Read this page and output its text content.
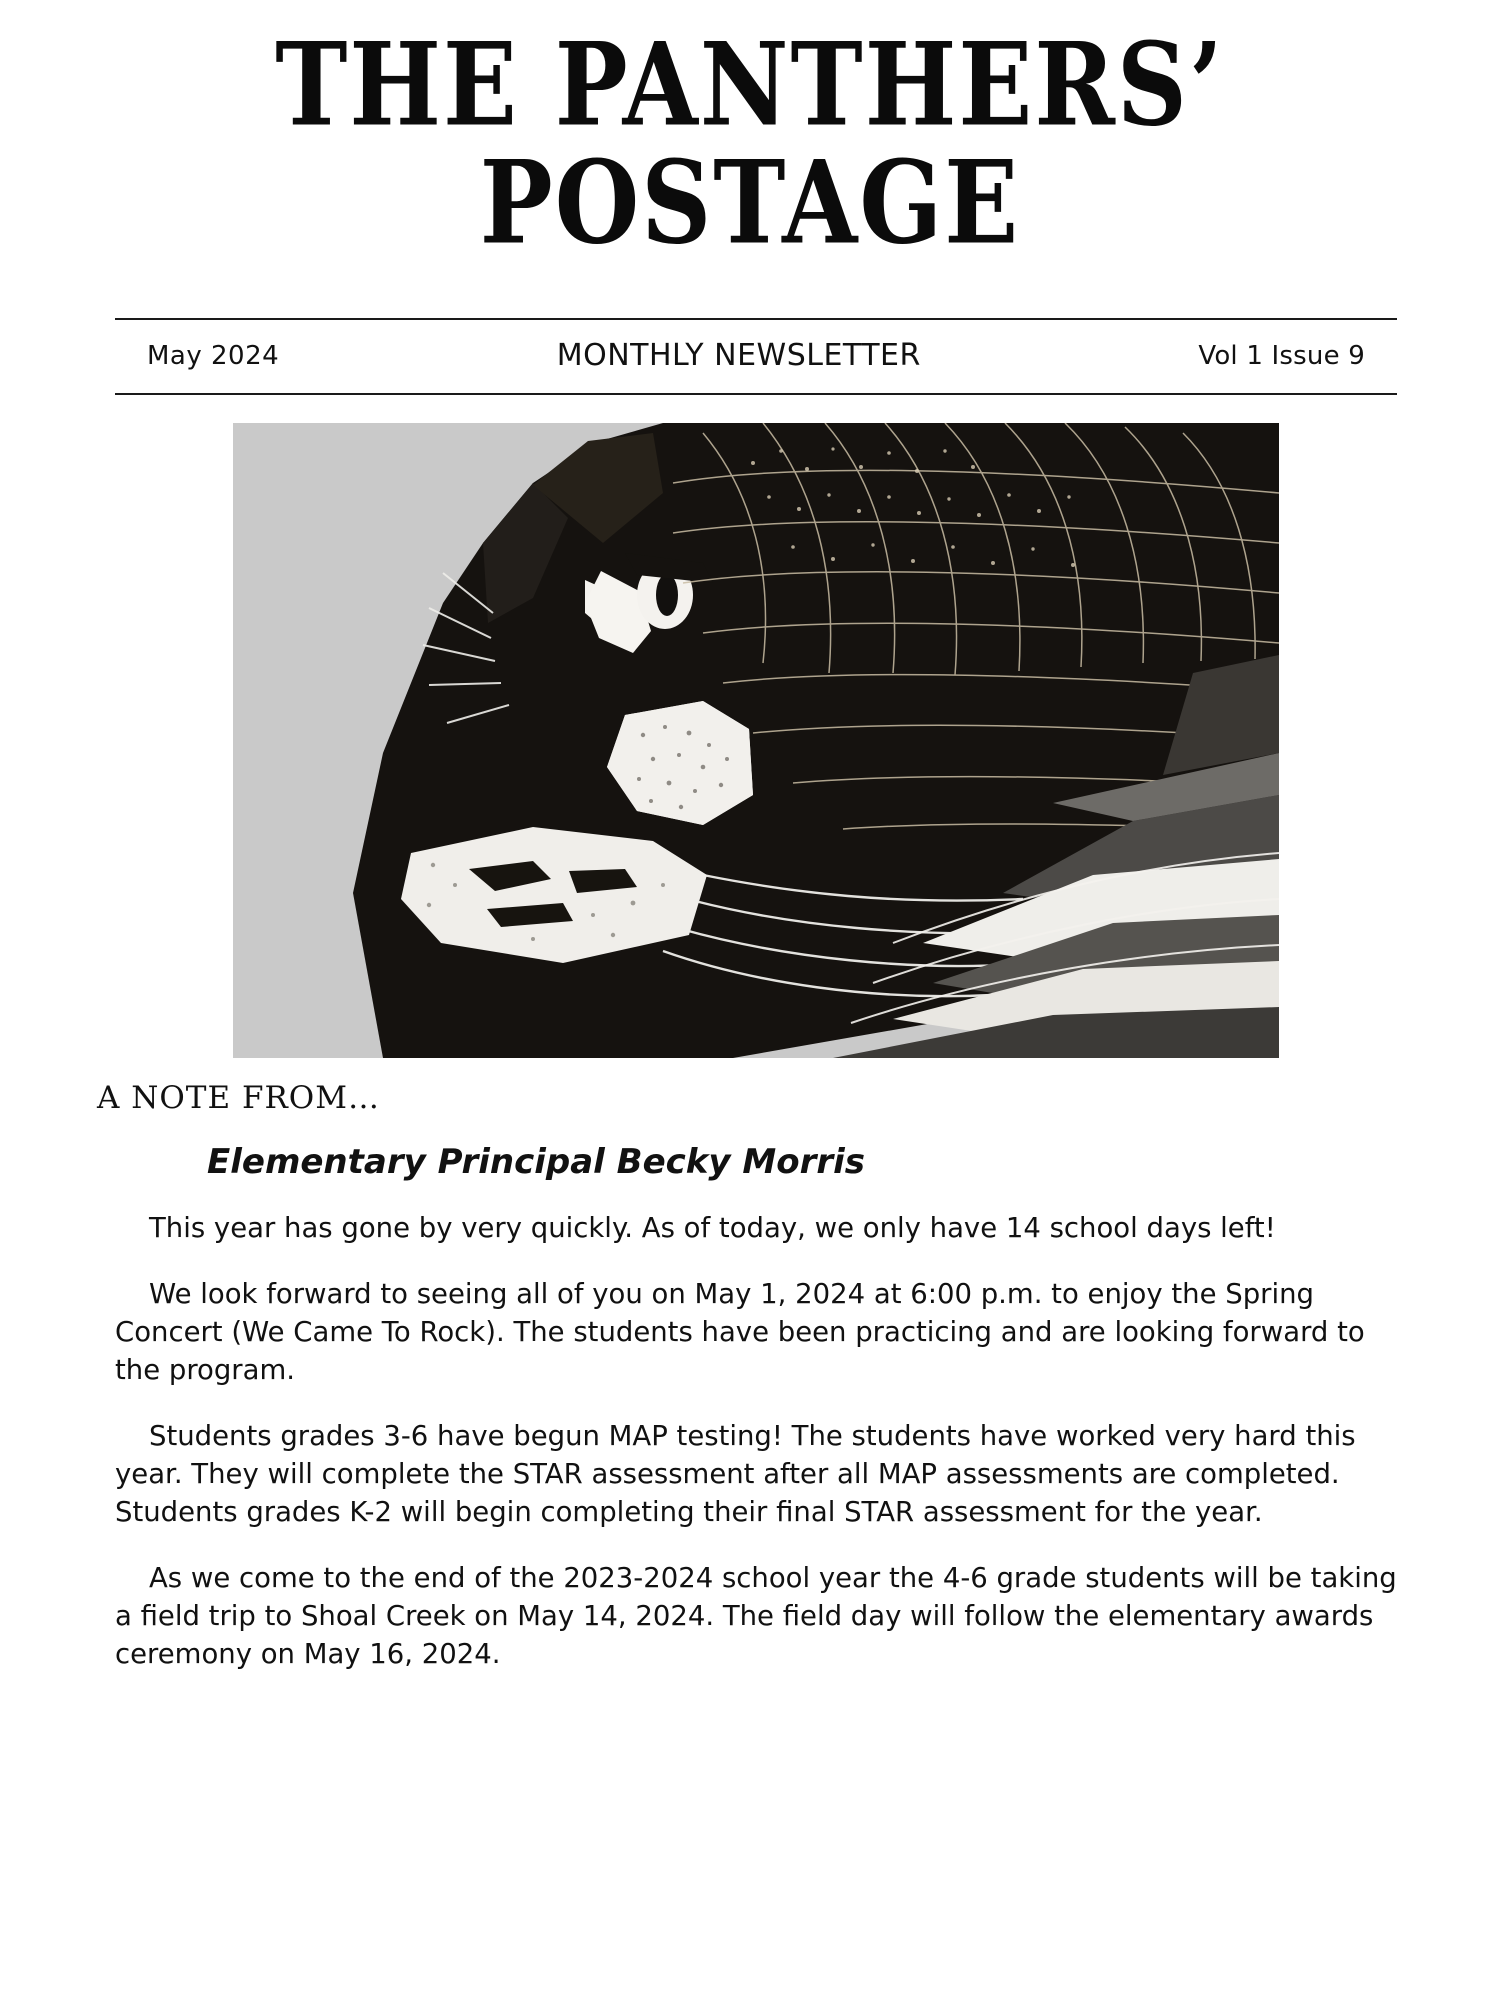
THE PANTHERS’
POSTAGE
May 2024	MONTHLY NEWSLETTER	Vol 1 Issue 9
A NOTE FROM…
Elementary Principal Becky Morris

This year has gone by very quickly. As of today, we only have 14 school days left!

We look forward to seeing all of you on May 1, 2024 at 6:00 p.m. to enjoy the Spring Concert (We Came To Rock). The students have been practicing and are looking forward to the program.

Students grades 3-6 have begun MAP testing! The students have worked very hard this year. They will complete the STAR assessment after all MAP assessments are completed. Students grades K-2 will begin completing their final STAR assessment for the year.

As we come to the end of the 2023-2024 school year the 4-6 grade students will be taking a field trip to Shoal Creek on May 14, 2024. The field day will follow the elementary awards ceremony on May 16, 2024.
